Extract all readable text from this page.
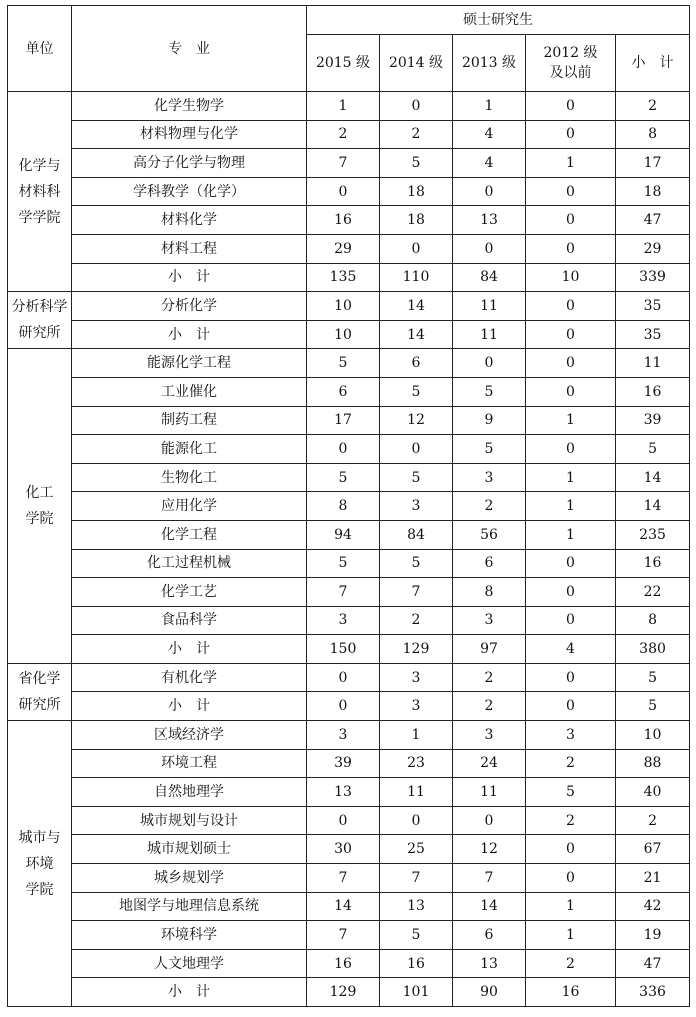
单位	专　业	硕士研究生				
		2015 级	2014 级	2013 级	2012 级
及以前	小　计
化学与
材料科
学学院	化学生物学	1	0	1	0	2
	材料物理与化学	2	2	4	0	8
	高分子化学与物理	7	5	4	1	17
	学科教学（化学）	0	18	0	0	18
	材料化学	16	18	13	0	47
	材料工程	29	0	0	0	29
	小　计	135	110	84	10	339
分析科学
研究所	分析化学	10	14	11	0	35
	小　计	10	14	11	0	35
化工
学院	能源化学工程	5	6	0	0	11
	工业催化	6	5	5	0	16
	制药工程	17	12	9	1	39
	能源化工	0	0	5	0	5
	生物化工	5	5	3	1	14
	应用化学	8	3	2	1	14
	化学工程	94	84	56	1	235
	化工过程机械	5	5	6	0	16
	化学工艺	7	7	8	0	22
	食品科学	3	2	3	0	8
	小　计	150	129	97	4	380
省化学
研究所	有机化学	0	3	2	0	5
	小　计	0	3	2	0	5
城市与
环境
学院	区域经济学	3	1	3	3	10
	环境工程	39	23	24	2	88
	自然地理学	13	11	11	5	40
	城市规划与设计	0	0	0	2	2
	城市规划硕士	30	25	12	0	67
	城乡规划学	7	7	7	0	21
	地图学与地理信息系统	14	13	14	1	42
	环境科学	7	5	6	1	19
	人文地理学	16	16	13	2	47
	小　计	129	101	90	16	336
